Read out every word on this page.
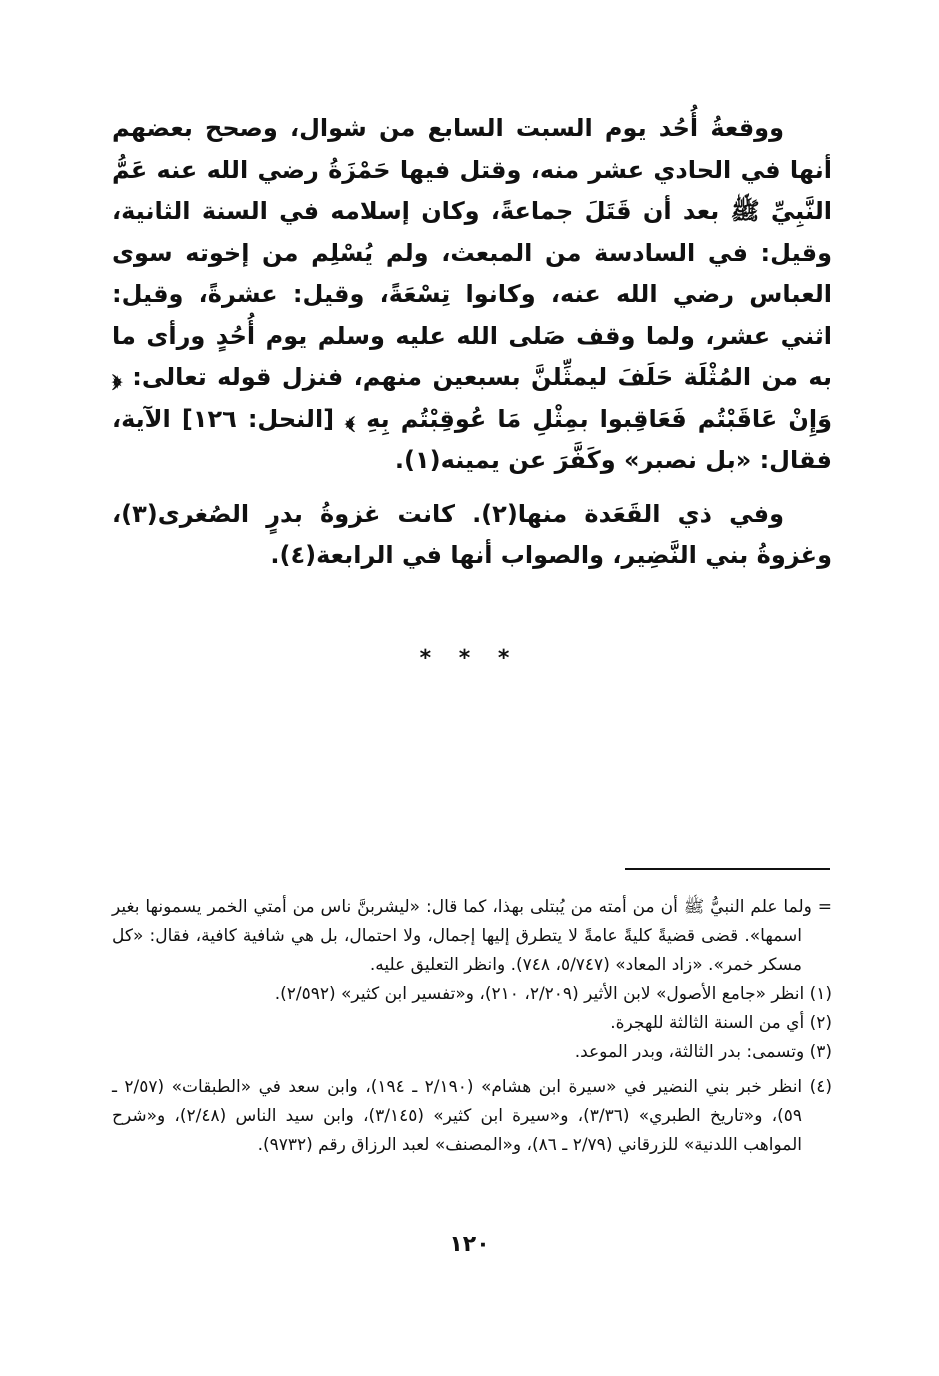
ووقعةُ أُحُد يوم السبت السابع من شوال، وصحح بعضهم أنها في الحادي عشر منه، وقتل فيها حَمْزَةُ رضي الله عنه عَمُّ النَّبِيِّ ﷺ بعد أن قَتَلَ جماعةً، وكان إسلامه في السنة الثانية، وقيل: في السادسة من المبعث، ولم يُسْلِم من إخوته سوى العباس رضي الله عنه، وكانوا تِسْعَةً، وقيل: عشرةً، وقيل: اثني عشر، ولما وقف صَلى الله عليه وسلم يوم أُحُدٍ ورأى ما به من المُثْلَة حَلَفَ ليمثِّلنَّ بسبعين منهم، فنزل قوله تعالى: ﴿ وَإِنْ عَاقَبْتُم فَعَاقِبوا بمِثْلِ مَا عُوقِبْتُم بِهِ ﴾ [النحل: ١٢٦] الآية، فقال: «بل نصبر» وكَفَّرَ عن يمينه(١).

وفي ذي القَعَدة منها(٢). كانت غزوةُ بدرٍ الصُغرى(٣)، وغزوةُ بني النَّضِير، والصواب أنها في الرابعة(٤).

* * *

= ولما علم النبيُّ ﷺ أن من أمته من يُبتلى بهذا، كما قال: «ليشربنَّ ناس من أمتي الخمر يسمونها بغير اسمها». قضى قضيةً كليةً عامةً لا يتطرق إليها إجمال، ولا احتمال، بل هي شافية كافية، فقال: «كل مسكر خمر». «زاد المعاد» (٥/٧٤٧، ٧٤٨). وانظر التعليق عليه.

(١) انظر «جامع الأصول» لابن الأثير (٢/٢٠٩، ٢١٠)، و«تفسير ابن كثير» (٢/٥٩٢).

(٢) أي من السنة الثالثة للهجرة.

(٣) وتسمى: بدر الثالثة، وبدر الموعد.

(٤) انظر خبر بني النضير في «سيرة ابن هشام» (٢/١٩٠ ـ ١٩٤)، وابن سعد في «الطبقات» (٢/٥٧ ـ ٥٩)، و«تاريخ الطبري» (٣/٣٦)، و«سيرة ابن كثير» (٣/١٤٥)، وابن سيد الناس (٢/٤٨)، و«شرح المواهب اللدنية» للزرقاني (٢/٧٩ ـ ٨٦)، و«المصنف» لعبد الرزاق رقم (٩٧٣٢).

١٢٠
